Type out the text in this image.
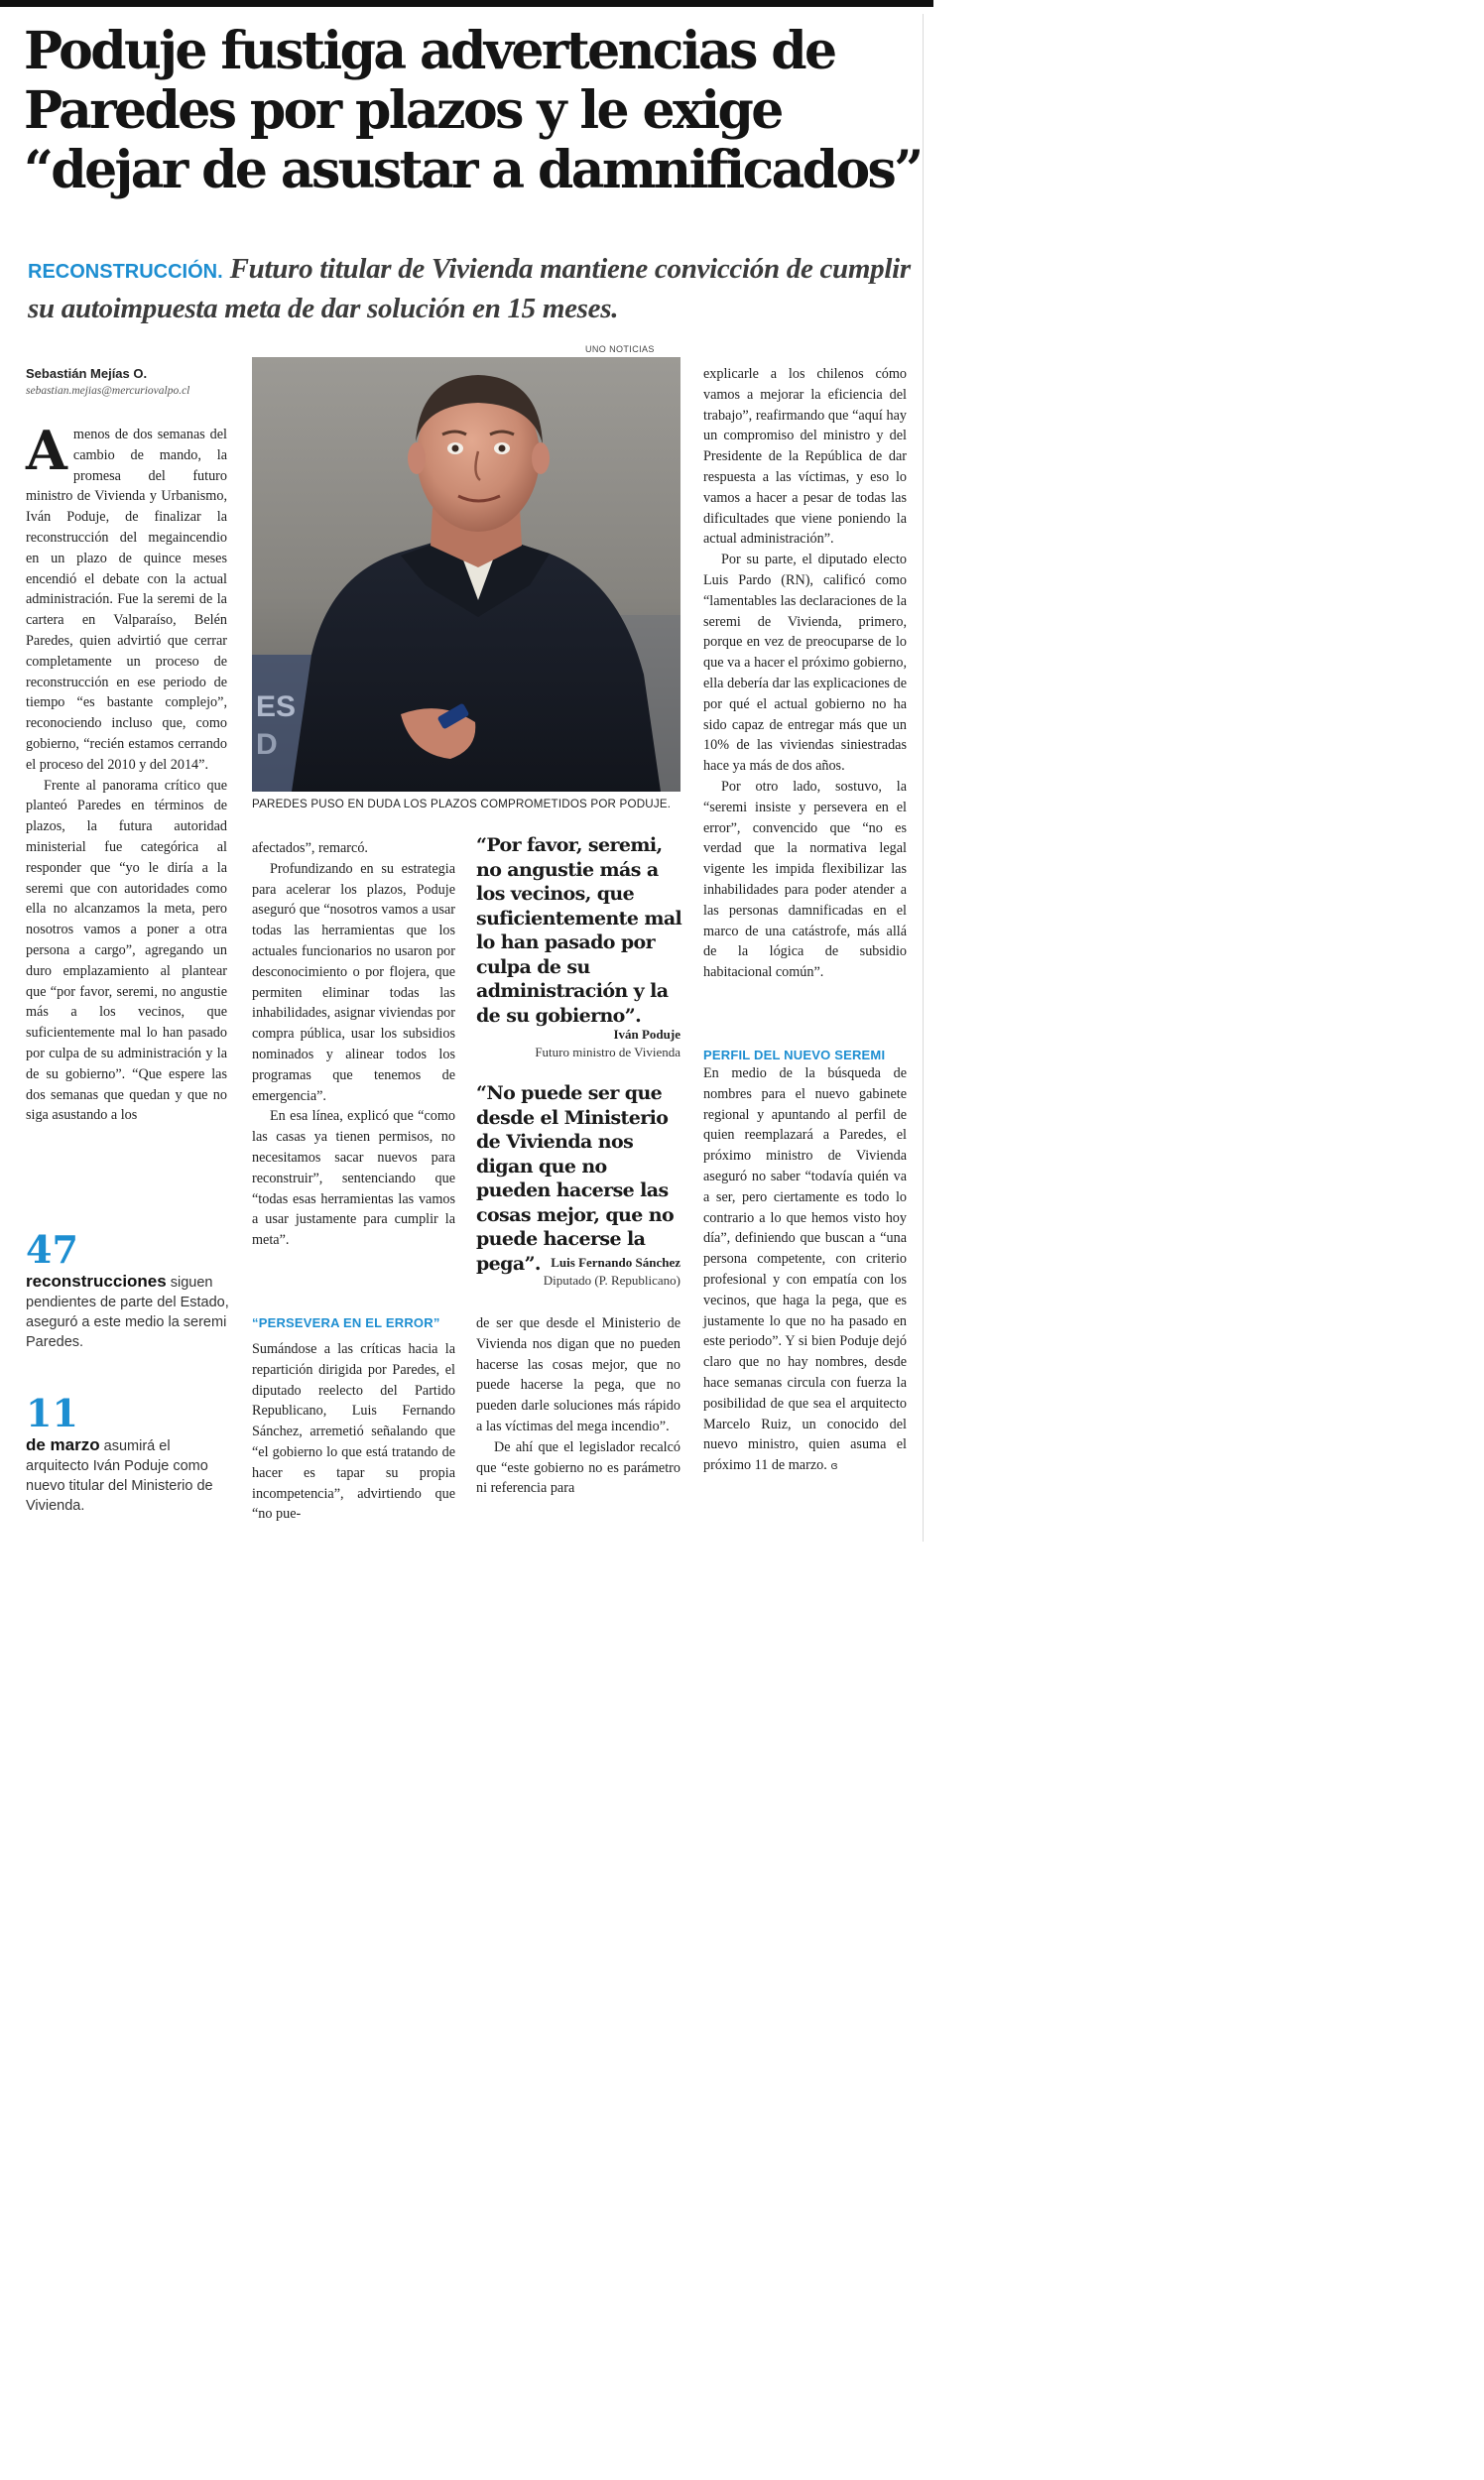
Poduje fustiga advertencias de
Paredes por plazos y le exige
“dejar de asustar a damnificados”
RECONSTRUCCIÓN. Futuro titular de Vivienda mantiene convicción de cumplir su autoimpuesta meta de dar solución en 15 meses.
Sebastián Mejías O.
sebastian.mejias@mercuriovalpo.cl
UNO NOTICIAS
ES
D
PAREDES PUSO EN DUDA LOS PLAZOS COMPROMETIDOS POR PODUJE.

Amenos de dos semanas del cambio de mando, la promesa del futuro ministro de Vivienda y Urbanismo, Iván Poduje, de finalizar la reconstrucción del megaincendio en un plazo de quince meses encendió el debate con la actual administración. Fue la seremi de la cartera en Valparaíso, Belén Paredes, quien advirtió que cerrar completamente un proceso de reconstrucción en ese periodo de tiempo “es bastante complejo”, reconociendo incluso que, como gobierno, “recién estamos cerrando el proceso del 2010 y del 2014”.

Frente al panorama crítico que planteó Paredes en términos de plazos, la futura autoridad ministerial fue categórica al responder que “yo le diría a la seremi que con autoridades como ella no alcanzamos la meta, pero nosotros vamos a poner a otra persona a cargo”, agregando un duro emplazamiento al plantear que “por favor, seremi, no angustie más a los vecinos, que suficientemente mal lo han pasado por culpa de su administración y la de su gobierno”. “Que espere las dos semanas que quedan y que no siga asustando a los

47
reconstrucciones siguen pendientes de parte del Estado, aseguró a este medio la seremi Paredes.
11
de marzo asumirá el arquitecto Iván Poduje como nuevo titular del Ministerio de Vivienda.

afectados”, remarcó.

Profundizando en su estrategia para acelerar los plazos, Poduje aseguró que “nosotros vamos a usar todas las herramientas que los actuales funcionarios no usaron por desconocimiento o por flojera, que permiten eliminar todas las inhabilidades, asignar viviendas por compra pública, usar los subsidios nominados y alinear todos los programas que tenemos de emergencia”.

En esa línea, explicó que “como las casas ya tienen permisos, no necesitamos sacar nuevos para reconstruir”, sentenciando que “todas esas herramientas las vamos a usar justamente para cumplir la meta”.

“PERSEVERA EN EL ERROR”

Sumándose a las críticas hacia la repartición dirigida por Paredes, el diputado reelecto del Partido Republicano, Luis Fernando Sánchez, arremetió señalando que “el gobierno lo que está tratando de hacer es tapar su propia incompetencia”, advirtiendo que “no pue-

“Por favor, seremi, no angustie más a los vecinos, que suficientemente mal lo han pasado por culpa de su administración y la de su gobierno”.
Iván Poduje
Futuro ministro de Vivienda
“No puede ser que desde el Ministerio de Vivienda nos digan que no pueden hacerse las cosas mejor, que no puede hacerse la pega”. Luis Fernando Sánchez
Diputado (P. Republicano)

de ser que desde el Ministerio de Vivienda nos digan que no pueden hacerse las cosas mejor, que no puede hacerse la pega, que no pueden darle soluciones más rápido a las víctimas del mega incendio”.

De ahí que el legislador recalcó que “este gobierno no es parámetro ni referencia para

explicarle a los chilenos cómo vamos a mejorar la eficiencia del trabajo”, reafirmando que “aquí hay un compromiso del ministro y del Presidente de la República de dar respuesta a las víctimas, y eso lo vamos a hacer a pesar de todas las dificultades que viene poniendo la actual administración”.

Por su parte, el diputado electo Luis Pardo (RN), calificó como “lamentables las declaraciones de la seremi de Vivienda, primero, porque en vez de preocuparse de lo que va a hacer el próximo gobierno, ella debería dar las explicaciones de por qué el actual gobierno no ha sido capaz de entregar más que un 10% de las viviendas siniestradas hace ya más de dos años.

Por otro lado, sostuvo, la “seremi insiste y persevera en el error”, convencido que “no es verdad que la normativa legal vigente les impida flexibilizar las inhabilidades para poder atender a las personas damnificadas en el marco de una catástrofe, más allá de la lógica de subsidio habitacional común”.

PERFIL DEL NUEVO SEREMI

En medio de la búsqueda de nombres para el nuevo gabinete regional y apuntando al perfil de quien reemplazará a Paredes, el próximo ministro de Vivienda aseguró no saber “todavía quién va a ser, pero ciertamente es todo lo contrario a lo que hemos visto hoy día”, definiendo que buscan a “una persona competente, con criterio profesional y con empatía con los vecinos, que haga la pega, que es justamente lo que no ha pasado en este periodo”. Y si bien Poduje dejó claro que no hay nombres, desde hace semanas circula con fuerza la posibilidad de que sea el arquitecto Marcelo Ruiz, un conocido del nuevo ministro, quien asuma el próximo 11 de marzo. ɞ
